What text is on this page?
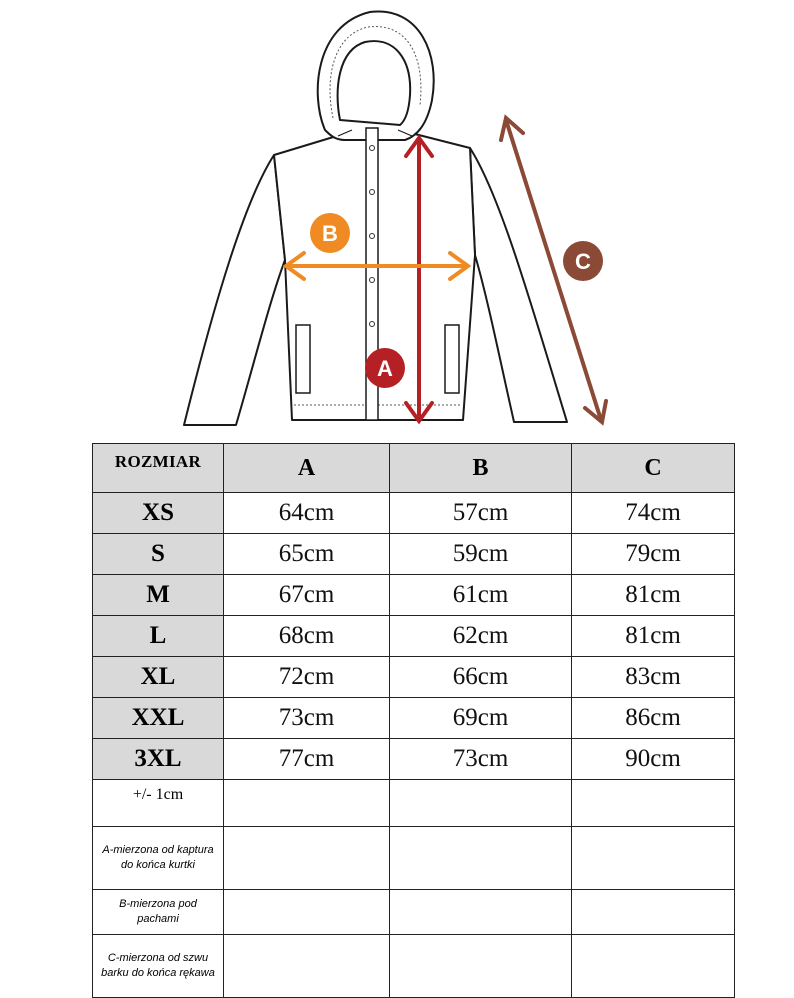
A
B
C
ROZMIAR	A	B	C
XS	64cm	57cm	74cm
S	65cm	59cm	79cm
M	67cm	61cm	81cm
L	68cm	62cm	81cm
XL	72cm	66cm	83cm
XXL	73cm	69cm	86cm
3XL	77cm	73cm	90cm
+/- 1cm			
A-mierzona od kaptura do końca kurtki			
B-mierzona pod pachami			
C-mierzona od szwu barku do końca rękawa			
